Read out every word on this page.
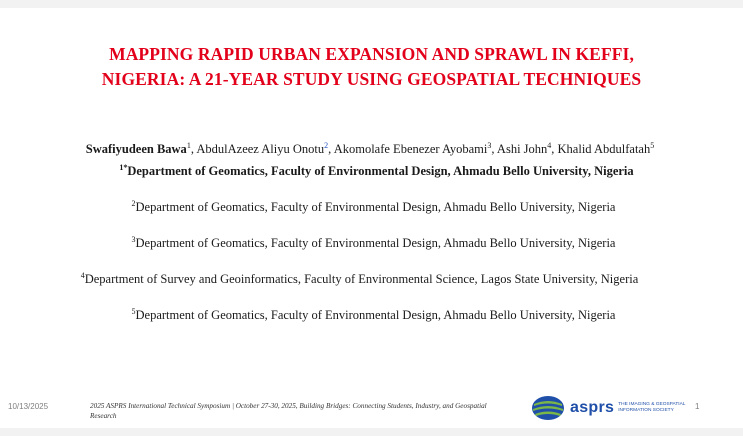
MAPPING RAPID URBAN EXPANSION AND SPRAWL IN KEFFI,
NIGERIA: A 21-YEAR STUDY USING GEOSPATIAL TECHNIQUES
Swafiyudeen Bawa$^1$, AbdulAzeez Aliyu Onotu$^2$, Akomolafe Ebenezer Ayobami$^3$, Ashi John$^4$, Khalid Abdulfatah$^5$
$^{1*}$Department of Geomatics, Faculty of Environmental Design, Ahmadu Bello University, Nigeria
$^2$Department of Geomatics, Faculty of Environmental Design, Ahmadu Bello University, Nigeria
$^3$Department of Geomatics, Faculty of Environmental Design, Ahmadu Bello University, Nigeria
$^4$Department of Survey and Geoinformatics, Faculty of Environmental Science, Lagos State University, Nigeria
$^5$Department of Geomatics, Faculty of Environmental Design, Ahmadu Bello University, Nigeria
2025 ASPRS International Technical Symposium | October 27-30, 2025, Building Bridges: Connecting Students, Industry, and Geospatial Research	asprs THE IMAGING & GEOSPATIAL INFORMATION SOCIETY
10/13/2025	1
